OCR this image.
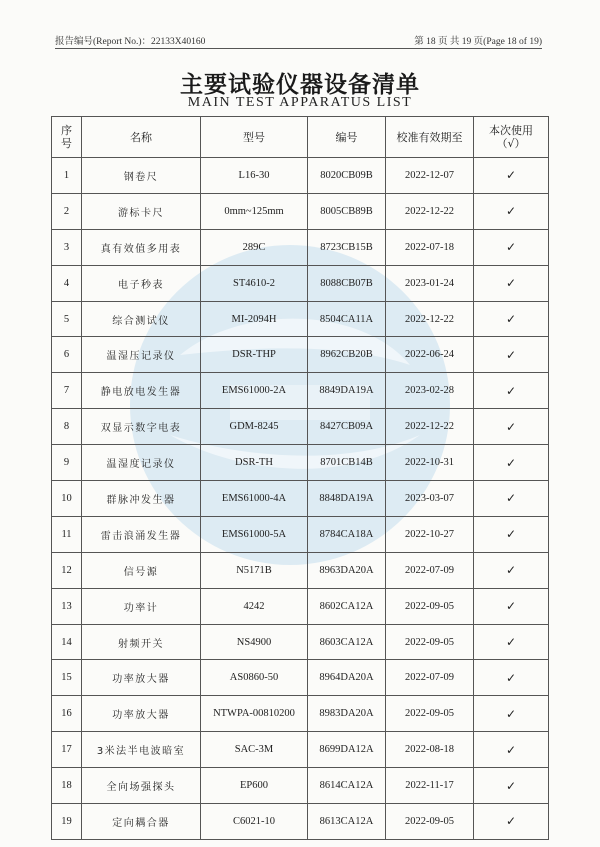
报告编号(Report No.)：22133X40160	第 18 页 共 19 页(Page 18 of 19)
主要试验仪器设备清单
MAIN TEST APPARATUS LIST
序
号	名称	型号	编号	校准有效期至	本次使用
（√）
1	钢卷尺	L16-30	8020CB09B	2022-12-07	✓
2	游标卡尺	0mm~125mm	8005CB89B	2022-12-22	✓
3	真有效值多用表	289C	8723CB15B	2022-07-18	✓
4	电子秒表	ST4610-2	8088CB07B	2023-01-24	✓
5	综合测试仪	MI-2094H	8504CA11A	2022-12-22	✓
6	温湿压记录仪	DSR-THP	8962CB20B	2022-06-24	✓
7	静电放电发生器	EMS61000-2A	8849DA19A	2023-02-28	✓
8	双显示数字电表	GDM-8245	8427CB09A	2022-12-22	✓
9	温湿度记录仪	DSR-TH	8701CB14B	2022-10-31	✓
10	群脉冲发生器	EMS61000-4A	8848DA19A	2023-03-07	✓
11	雷击浪涌发生器	EMS61000-5A	8784CA18A	2022-10-27	✓
12	信号源	N5171B	8963DA20A	2022-07-09	✓
13	功率计	4242	8602CA12A	2022-09-05	✓
14	射频开关	NS4900	8603CA12A	2022-09-05	✓
15	功率放大器	AS0860-50	8964DA20A	2022-07-09	✓
16	功率放大器	NTWPA-00810200	8983DA20A	2022-09-05	✓
17	3米法半电波暗室	SAC-3M	8699DA12A	2022-08-18	✓
18	全向场强探头	EP600	8614CA12A	2022-11-17	✓
19	定向耦合器	C6021-10	8613CA12A	2022-09-05	✓
